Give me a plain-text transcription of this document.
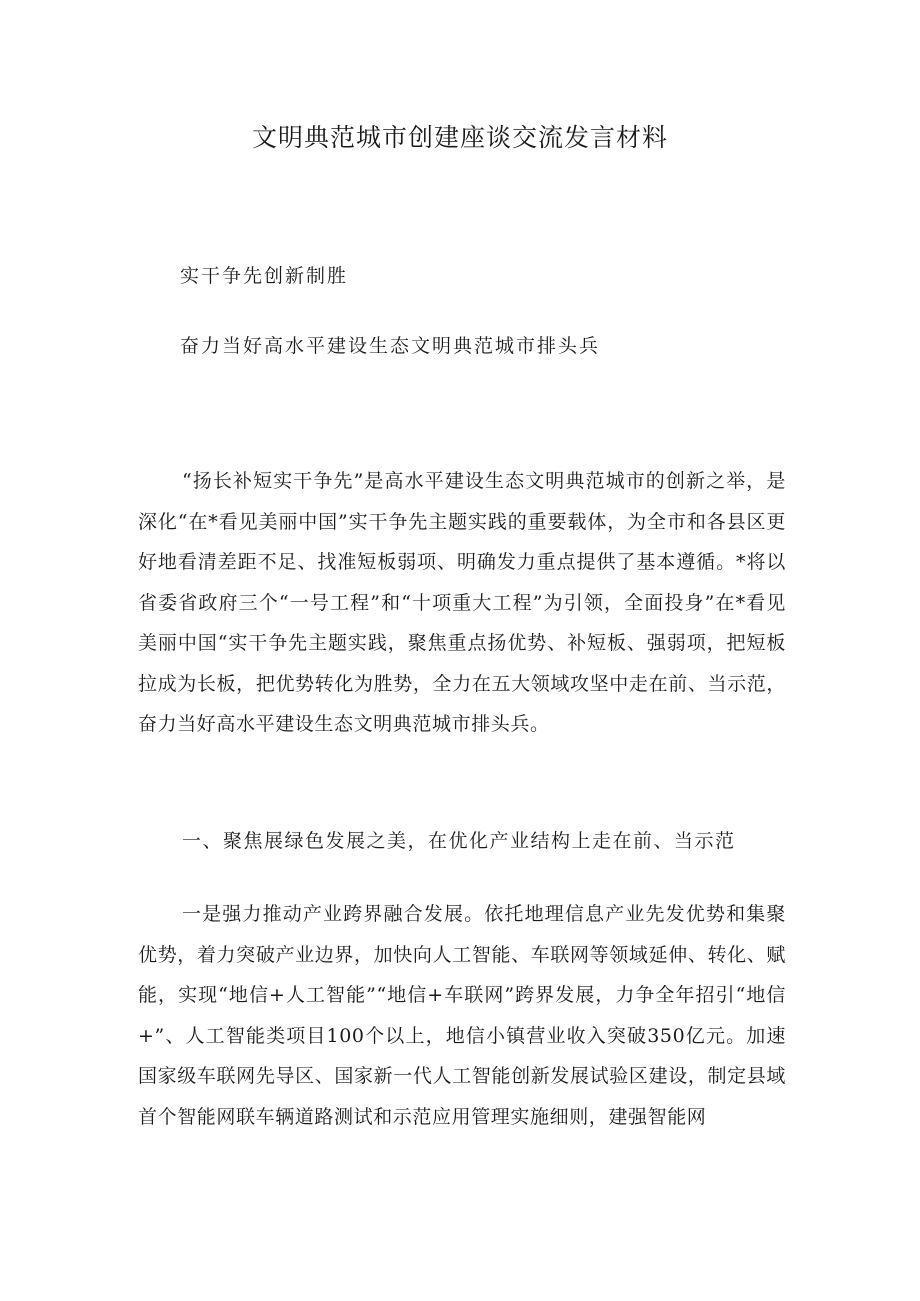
文明典范城市创建座谈交流发言材料

实干争先创新制胜

奋力当好高水平建设生态文明典范城市排头兵

“扬长补短实干争先”是高水平建设生态文明典范城市的创新之举，是深化“在*看见美丽中国”实干争先主题实践的重要载体，为全市和各县区更好地看清差距不足、找准短板弱项、明确发力重点提供了基本遵循。*将以省委省政府三个“一号工程”和“十项重大工程”为引领，全面投身”在*看见美丽中国“实干争先主题实践，聚焦重点扬优势、补短板、强弱项，把短板拉成为长板，把优势转化为胜势，全力在五大领域攻坚中走在前、当示范，奋力当好高水平建设生态文明典范城市排头兵。

一、聚焦展绿色发展之美，在优化产业结构上走在前、当示范

一是强力推动产业跨界融合发展。依托地理信息产业先发优势和集聚优势，着力突破产业边界，加快向人工智能、车联网等领域延伸、转化、赋能，实现“地信+人工智能”“地信+车联网”跨界发展，力争全年招引“地信+”、人工智能类项目100个以上，地信小镇营业收入突破350亿元。加速国家级车联网先导区、国家新一代人工智能创新发展试验区建设，制定县域首个智能网联车辆道路测试和示范应用管理实施细则，建强智能网
